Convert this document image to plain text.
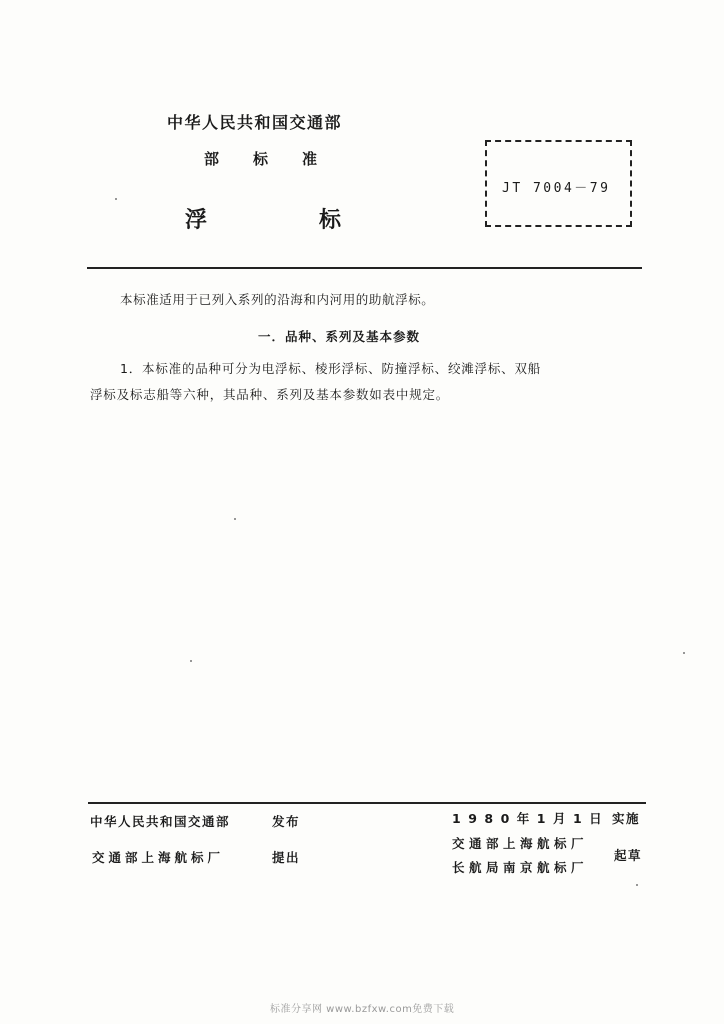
中华人民共和国交通部
部标准
浮标
JT 7004－79
本标准适用于已列入系列的沿海和内河用的助航浮标。
一．品种、系列及基本参数

1．本标准的品种可分为电浮标、棱形浮标、防撞浮标、绞滩浮标、双船

浮标及标志船等六种，其品种、系列及基本参数如表中规定。

中华人民共和国交通部	发布
交通部上海航标厂	提出
1980年1月1日 实施
交通部上海航标厂
长航局南京航标厂
起草
标准分享网 www.bzfxw.com免费下载
